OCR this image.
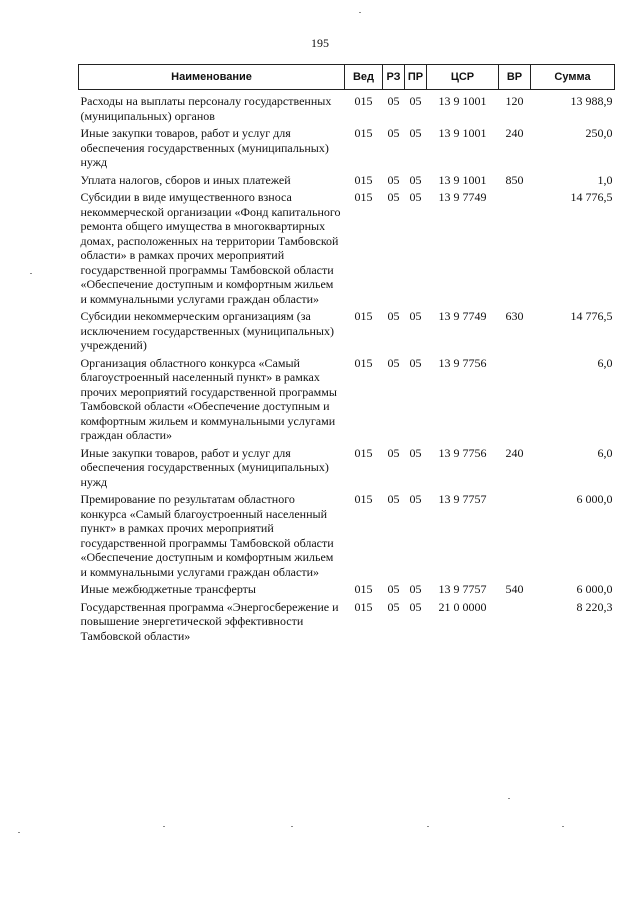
195
Наименование	Вед	РЗ	ПР	ЦСР	ВР	Сумма
Расходы на выплаты персоналу государственных (муниципальных) органов	015	05	05	13 9 1001	120	13 988,9
Иные закупки товаров, работ и услуг для обеспечения государственных (муниципальных) нужд	015	05	05	13 9 1001	240	250,0
Уплата налогов, сборов и иных платежей	015	05	05	13 9 1001	850	1,0
Субсидии в виде имущественного взноса некоммерческой организации «Фонд капитального ремонта общего имущества в многоквартирных домах, расположенных на территории Тамбовской области» в рамках прочих мероприятий государственной программы Тамбовской области «Обеспечение доступным и комфортным жильем и коммунальными услугами граждан области»	015	05	05	13 9 7749		14 776,5
Субсидии некоммерческим организациям (за исключением государственных (муниципальных) учреждений)	015	05	05	13 9 7749	630	14 776,5
Организация областного конкурса «Самый благоустроенный населенный пункт» в рамках прочих мероприятий государственной программы Тамбовской области «Обеспечение доступным и комфортным жильем и коммунальными услугами граждан области»	015	05	05	13 9 7756		6,0
Иные закупки товаров, работ и услуг для обеспечения государственных (муниципальных) нужд	015	05	05	13 9 7756	240	6,0
Премирование по результатам областного конкурса «Самый благоустроенный населенный пункт» в рамках прочих мероприятий государственной программы Тамбовской области «Обеспечение доступным и комфортным жильем и коммунальными услугами граждан области»	015	05	05	13 9 7757		6 000,0
Иные межбюджетные трансферты	015	05	05	13 9 7757	540	6 000,0
Государственная программа «Энергосбережение и повышение энергетической эффективности Тамбовской области»	015	05	05	21 0 0000		8 220,3
